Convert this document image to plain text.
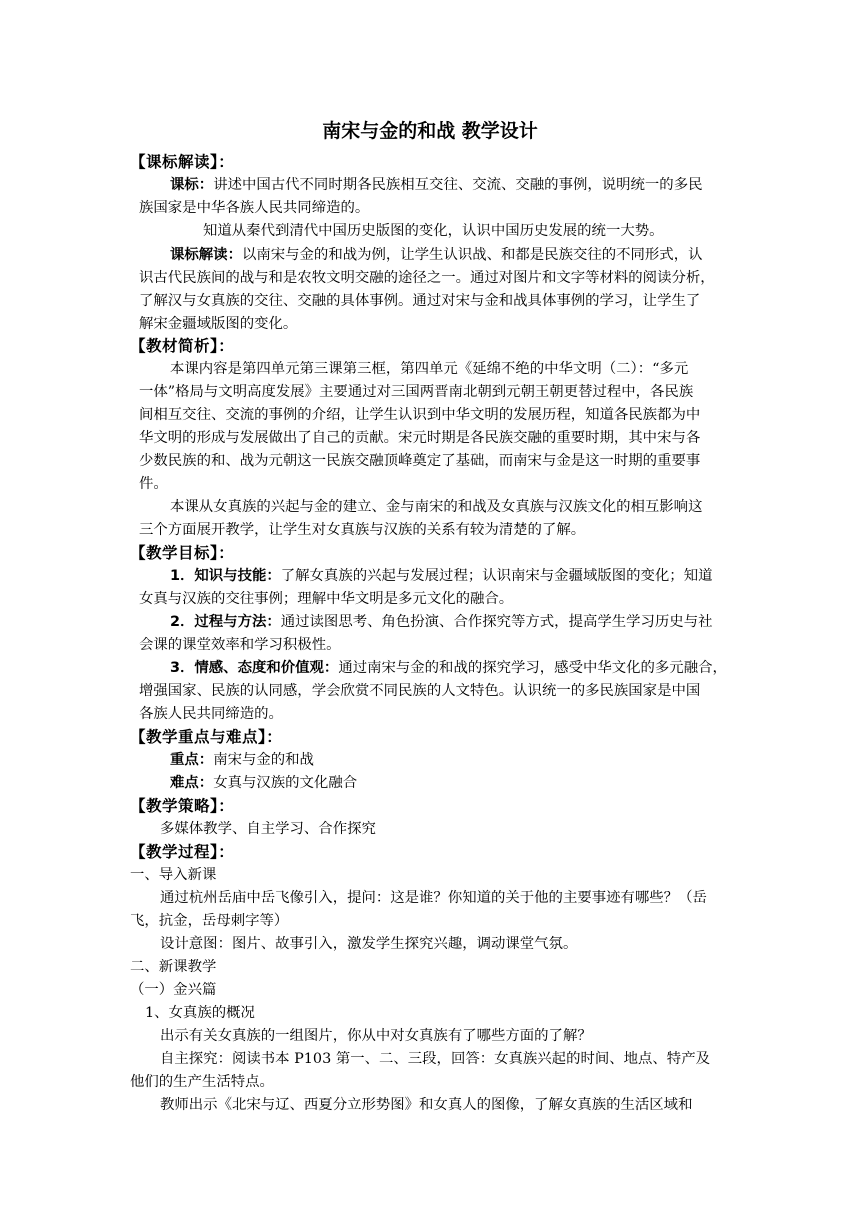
南宋与金的和战 教学设计
【课标解读】：
课标：讲述中国古代不同时期各民族相互交往、交流、交融的事例，说明统一的多民
族国家是中华各族人民共同缔造的。
知道从秦代到清代中国历史版图的变化，认识中国历史发展的统一大势。
课标解读：以南宋与金的和战为例，让学生认识战、和都是民族交往的不同形式，认
识古代民族间的战与和是农牧文明交融的途径之一。通过对图片和文字等材料的阅读分析，
了解汉与女真族的交往、交融的具体事例。通过对宋与金和战具体事例的学习，让学生了
解宋金疆域版图的变化。
【教材简析】：
本课内容是第四单元第三课第三框，第四单元《延绵不绝的中华文明（二）：“多元
一体”格局与文明高度发展》主要通过对三国两晋南北朝到元朝王朝更替过程中，各民族
间相互交往、交流的事例的介绍，让学生认识到中华文明的发展历程，知道各民族都为中
华文明的形成与发展做出了自己的贡献。宋元时期是各民族交融的重要时期，其中宋与各
少数民族的和、战为元朝这一民族交融顶峰奠定了基础，而南宋与金是这一时期的重要事
件。
本课从女真族的兴起与金的建立、金与南宋的和战及女真族与汉族文化的相互影响这
三个方面展开教学，让学生对女真族与汉族的关系有较为清楚的了解。
【教学目标】：
1．知识与技能：了解女真族的兴起与发展过程；认识南宋与金疆域版图的变化；知道
女真与汉族的交往事例；理解中华文明是多元文化的融合。
2．过程与方法：通过读图思考、角色扮演、合作探究等方式，提高学生学习历史与社
会课的课堂效率和学习积极性。
3．情感、态度和价值观：通过南宋与金的和战的探究学习，感受中华文化的多元融合，
增强国家、民族的认同感，学会欣赏不同民族的人文特色。认识统一的多民族国家是中国
各族人民共同缔造的。
【教学重点与难点】：
重点：南宋与金的和战
难点：女真与汉族的文化融合
【教学策略】：
多媒体教学、自主学习、合作探究
【教学过程】：
一、导入新课
通过杭州岳庙中岳飞像引入，提问：这是谁？你知道的关于他的主要事迹有哪些？（岳
飞，抗金，岳母刺字等）
设计意图：图片、故事引入，激发学生探究兴趣，调动课堂气氛。
二、新课教学
（一）金兴篇
1、女真族的概况
出示有关女真族的一组图片，你从中对女真族有了哪些方面的了解？
自主探究：阅读书本 P103 第一、二、三段，回答：女真族兴起的时间、地点、特产及
他们的生产生活特点。
教师出示《北宋与辽、西夏分立形势图》和女真人的图像，了解女真族的生活区域和
